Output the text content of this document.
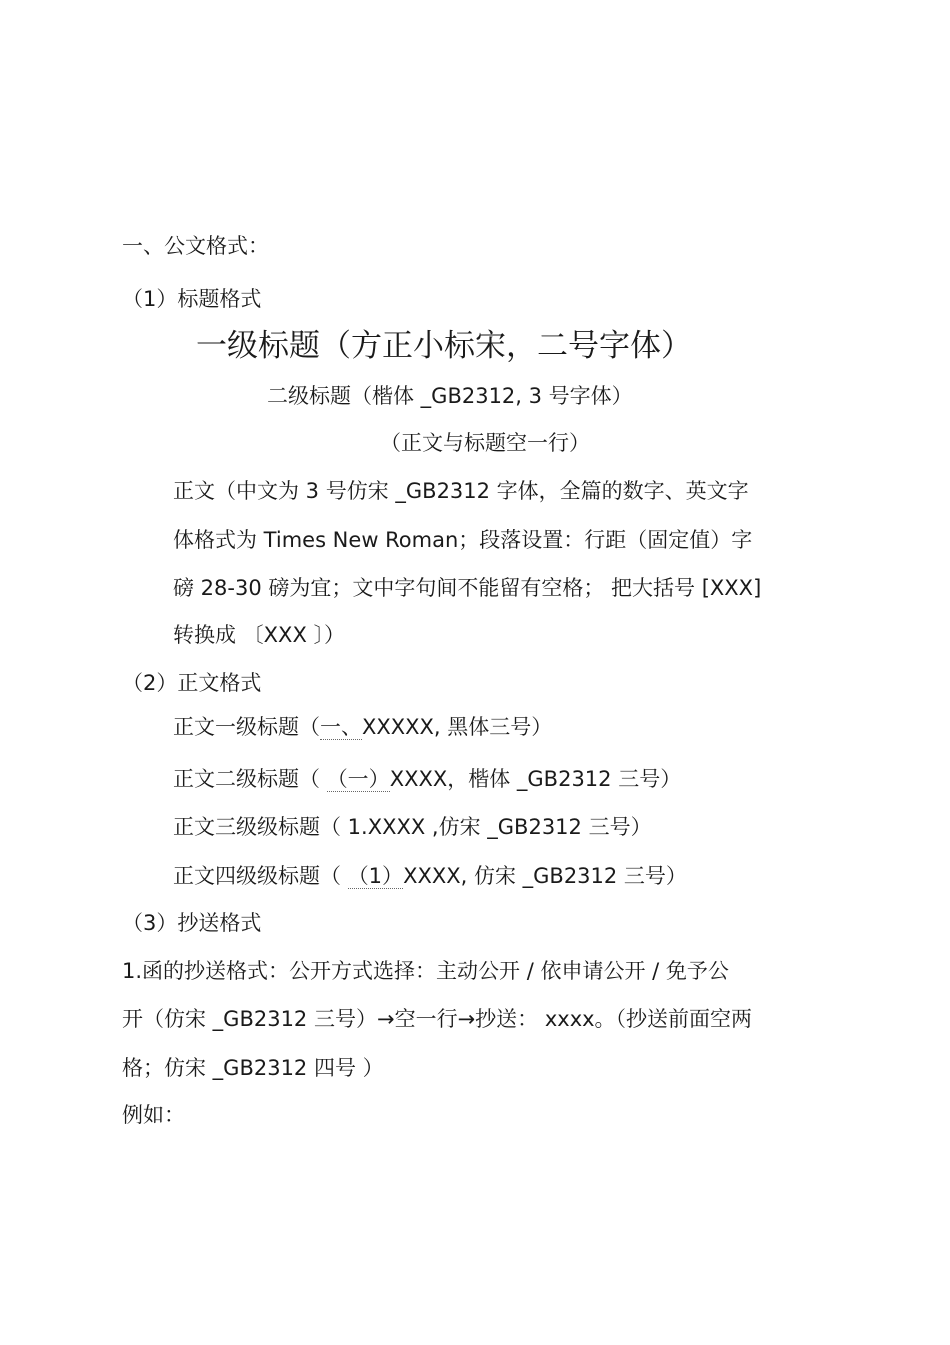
一、公文格式：
（1）标题格式
一级标题（方正小标宋，二号字体）
二级标题（楷体 _GB2312, 3 号字体）
（正文与标题空一行）
正文（中文为 3 号仿宋 _GB2312 字体，全篇的数字、英文字
体格式为 Times New Roman；段落设置：行距（固定值）字
磅 28-30 磅为宜；文中字句间不能留有空格； 把大括号 [XXX]
转换成 〔XXX 〕）
（2）正文格式
正文一级标题（一、XXXXX, 黑体三号）
正文二级标题（ （一）XXXX，楷体 _GB2312 三号）
正文三级级标题（ 1.XXXX ,仿宋 _GB2312 三号）
正文四级级标题（ （1）XXXX, 仿宋 _GB2312 三号）
（3）抄送格式
1.函的抄送格式：公开方式选择：主动公开 / 依申请公开 / 免予公
开（仿宋 _GB2312 三号）→空一行→抄送： xxxx。（抄送前面空两
格；仿宋 _GB2312 四号 ）
例如：
